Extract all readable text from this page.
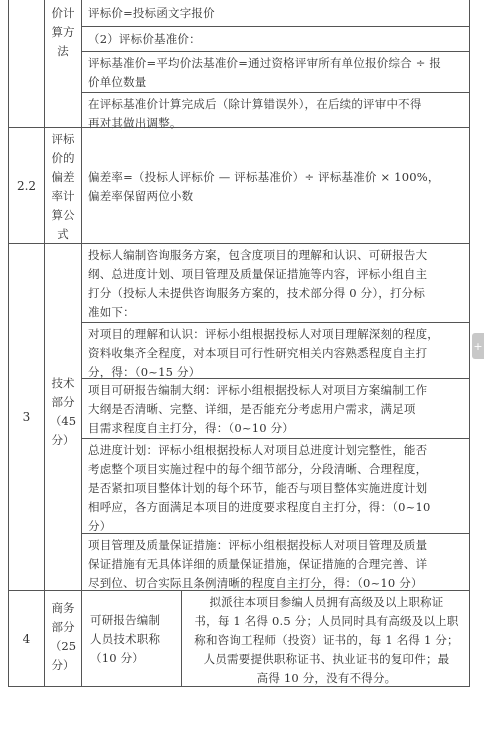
价计
算方
法
评标价=投标函文字报价
（2）评标价基准价：
评标基准价=平均价法基准价=通过资格评审所有单位报价综合 ÷ 报
价单位数量
在评标基准价计算完成后（除计算错误外），在后续的评审中不得
再对其做出调整。
2.2
评标
价的
偏差
率计
算公
式
偏差率=（投标人评标价 — 评标基准价）÷ 评标基准价 × 100%，
偏差率保留两位小数
3
技术
部分
（45
分）
投标人编制咨询服务方案，包含度项目的理解和认识、可研报告大
纲、总进度计划、项目管理及质量保证措施等内容，评标小组自主
打分（投标人未提供咨询服务方案的，技术部分得 0 分），打分标
准如下：
对项目的理解和认识：评标小组根据投标人对项目理解深刻的程度，
资料收集齐全程度，对本项目可行性研究相关内容熟悉程度自主打
分，得：（0~15 分）
项目可研报告编制大纲：评标小组根据投标人对项目方案编制工作
大纲是否清晰、完整、详细，是否能充分考虑用户需求，满足项
目需求程度自主打分，得：（0~10 分）
总进度计划：评标小组根据投标人对项目总进度计划完整性，能否
考虑整个项目实施过程中的每个细节部分，分段清晰、合理程度，
是否紧扣项目整体计划的每个环节，能否与项目整体实施进度计划
相呼应，各方面满足本项目的进度要求程度自主打分，得：（0~10
分）
项目管理及质量保证措施：评标小组根据投标人对项目管理及质量
保证措施有无具体详细的质量保证措施，保证措施的合理完善、详
尽到位、切合实际且条例清晰的程度自主打分，得：（0~10 分）
4
商务
部分
（25
分）
可研报告编制
人员技术职称
（10 分）
拟派往本项目参编人员拥有高级及以上职称证
书，每 1 名得 0.5 分；人员同时具有高级及以上职
称和咨询工程师（投资）证书的，每 1 名得 1 分；
人员需要提供职称证书、执业证书的复印件；最
高得 10 分，没有不得分。
+
